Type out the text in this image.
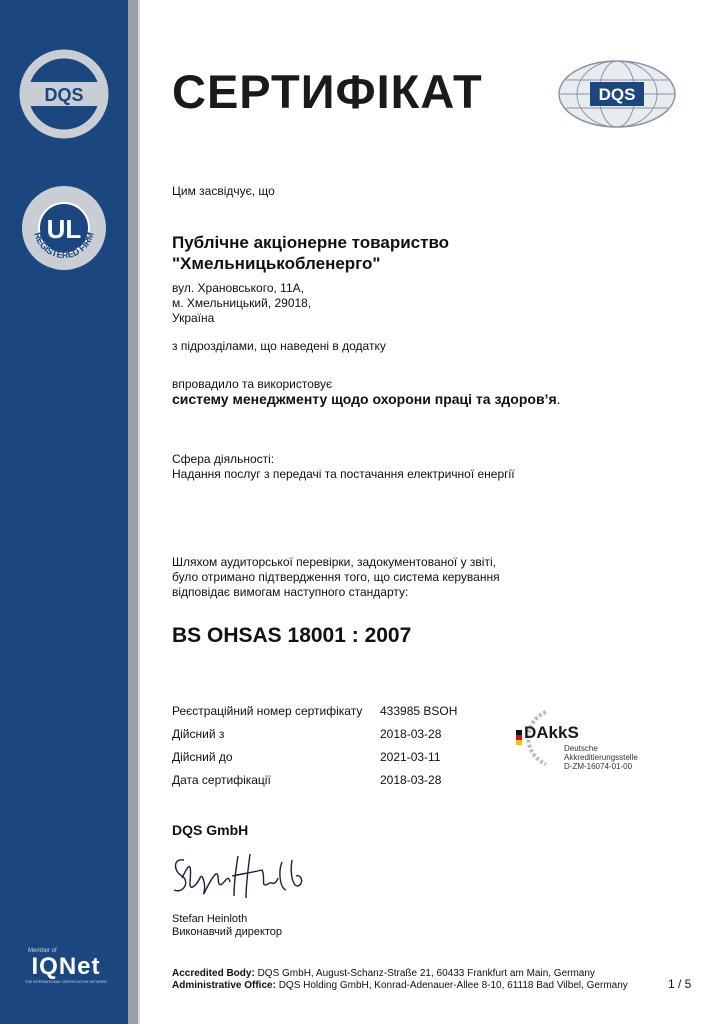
DQS
UL
REGISTERED FIRM
Member of
IQNet
THE INTERNATIONAL CERTIFICATION NETWORK
СЕРТИФІКАТ	DQS
Цим засвідчує, що
Публічне акціонерне товариство
"Хмельницькобленерго"
вул. Храновського, 11А,
м. Хмельницький, 29018,
Україна
з підрозділами, що наведені в додатку
впровадило та використовує
систему менеджменту щодо охорони праці та здоров’я.
Сфера діяльності:
Надання послуг з передачі та постачання електричної енергії
Шляхом аудиторської перевірки, задокументованої у звіті,
було отримано підтвердження того, що система керування
відповідає вимогам наступного стандарту:
BS OHSAS 18001 : 2007
Реєстраційний номер сертифікату	433985 BSOH
Дійсний з	2018-03-28
Дійсний до	2021-03-11
Дата сертифікації	2018-03-28
DAkkS
Deutsche
Akkreditierungsstelle
D-ZM-16074-01-00
DQS GmbH
Stefan Heinloth
Виконавчий директор
Accredited Body: DQS GmbH, August-Schanz-Straße 21, 60433 Frankfurt am Main, Germany
Administrative Office: DQS Holding GmbH, Konrad-Adenauer-Allee 8-10, 61118 Bad Vilbel, Germany	1 / 5
